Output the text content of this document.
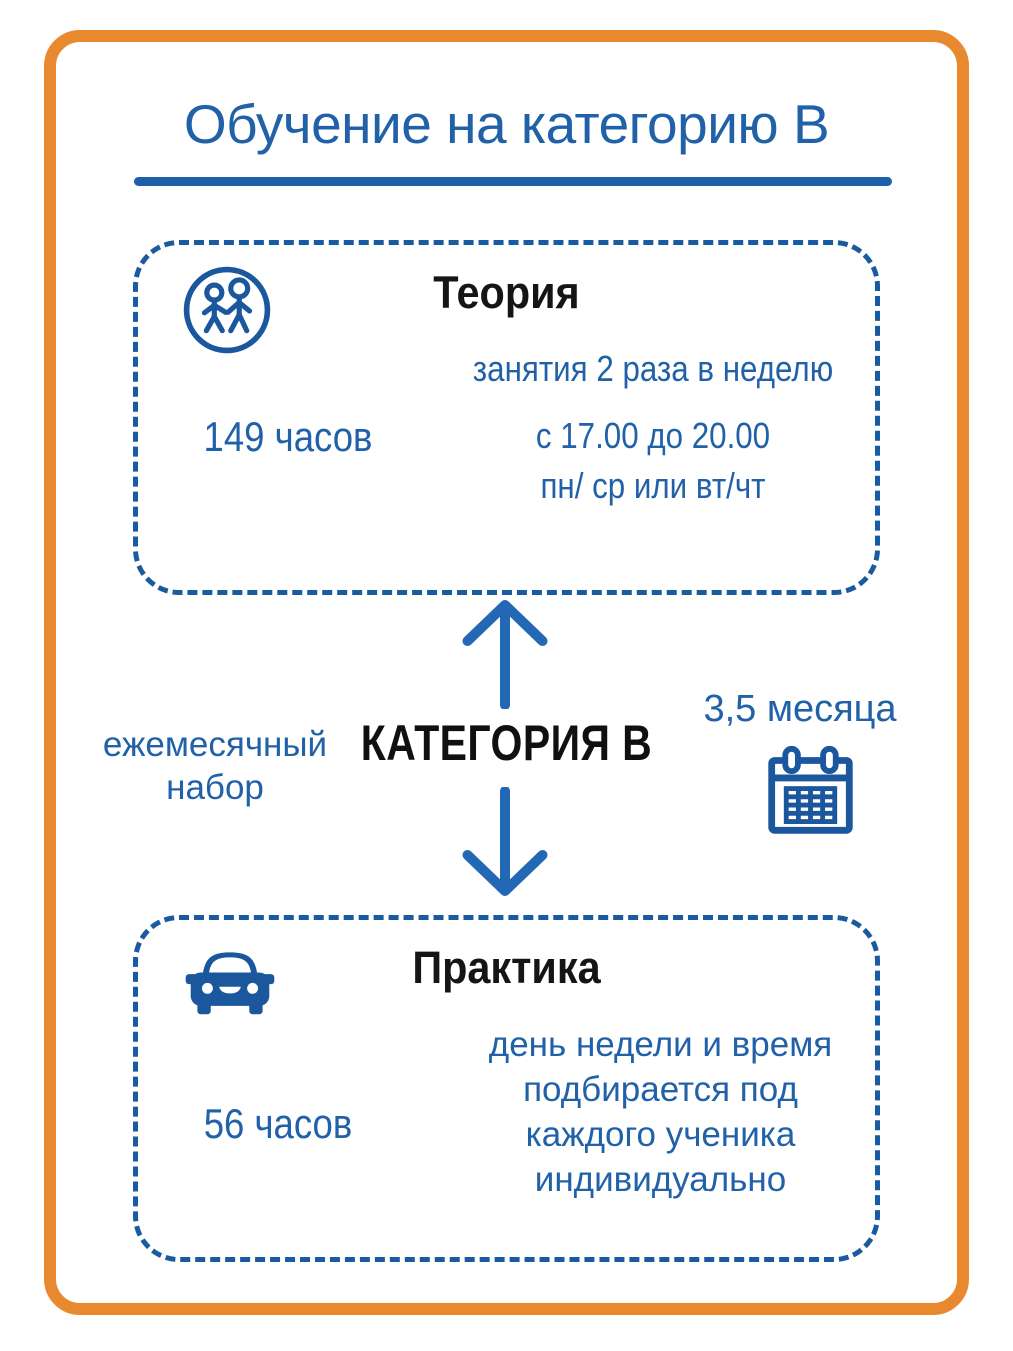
Обучение на категорию В
Теория
занятия 2 раза в неделю
с 17.00 до 20.00
пн/ ср или вт/чт
149 часов
КАТЕГОРИЯ В
ежемесячный
набор
3,5 месяца
Практика
день недели и время
подбирается под
каждого ученика
индивидуально
56 часов
